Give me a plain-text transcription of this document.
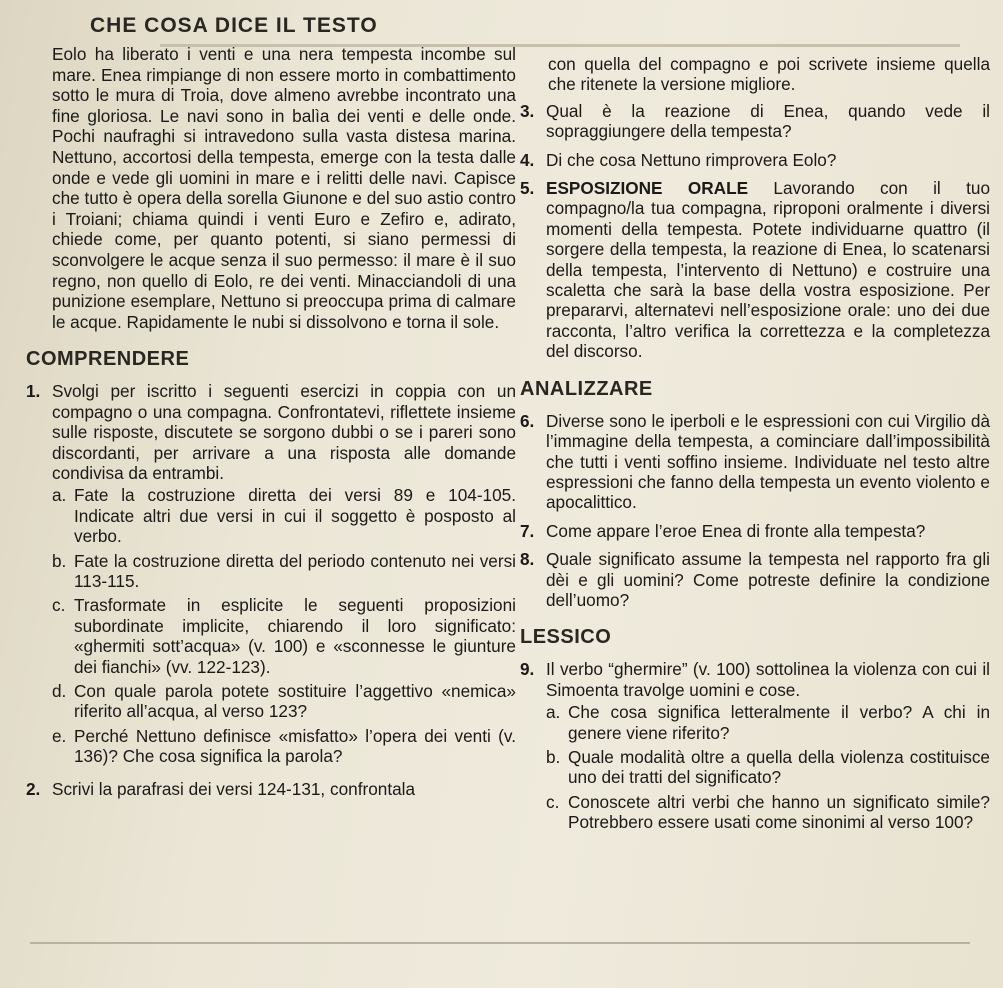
CHE COSA DICE IL TESTO

Eolo ha liberato i venti e una nera tempesta incombe sul mare. Enea rimpiange di non essere morto in combattimento sotto le mura di Troia, dove almeno avrebbe incontrato una fine gloriosa. Le navi sono in balìa dei venti e delle onde. Pochi naufraghi si intravedono sulla vasta distesa marina. Nettuno, accortosi della tempesta, emerge con la testa dalle onde e vede gli uomini in mare e i relitti delle navi. Capisce che tutto è opera della sorella Giunone e del suo astio contro i Troiani; chiama quindi i venti Euro e Zefiro e, adirato, chiede come, per quanto potenti, si siano permessi di sconvolgere le acque senza il suo permesso: il mare è il suo regno, non quello di Eolo, re dei venti. Minacciandoli di una punizione esemplare, Nettuno si preoccupa prima di calmare le acque. Rapidamente le nubi si dissolvono e torna il sole.

COMPRENDERE
1. Svolgi per iscritto i seguenti esercizi in coppia con un compagno o una compagna. Confrontatevi, riflettete insieme sulle risposte, discutete se sorgono dubbi o se i pareri sono discordanti, per arrivare a una risposta alle domande condivisa da entrambi.

a. Fate la costruzione diretta dei versi 89 e 104-105. Indicate altri due versi in cui il soggetto è posposto al verbo.
b. Fate la costruzione diretta del periodo contenuto nei versi 113-115.
c. Trasformate in esplicite le seguenti proposizioni subordinate implicite, chiarendo il loro significato: «ghermiti sott’acqua» (v. 100) e «sconnesse le giunture dei fianchi» (vv. 122-123).
d. Con quale parola potete sostituire l’aggettivo «nemica» riferito all’acqua, al verso 123?
e. Perché Nettuno definisce «misfatto» l’opera dei venti (v. 136)? Che cosa significa la parola?
2. Scrivi la parafrasi dei versi 124-131, confrontala

con quella del compagno e poi scrivete insieme quella che ritenete la versione migliore.

3. Qual è la reazione di Enea, quando vede il sopraggiungere della tempesta?
4. Di che cosa Nettuno rimprovera Eolo?
5. ESPOSIZIONE ORALE Lavorando con il tuo compagno/la tua compagna, riproponi oralmente i diversi momenti della tempesta. Potete individuarne quattro (il sorgere della tempesta, la reazione di Enea, lo scatenarsi della tempesta, l’intervento di Nettuno) e costruire una scaletta che sarà la base della vostra esposizione. Per prepararvi, alternatevi nell’esposizione orale: uno dei due racconta, l’altro verifica la correttezza e la completezza del discorso.

ANALIZZARE
6. Diverse sono le iperboli e le espressioni con cui Virgilio dà l’immagine della tempesta, a cominciare dall’impossibilità che tutti i venti soffino insieme. Individuate nel testo altre espressioni che fanno della tempesta un evento violento e apocalittico.
7. Come appare l’eroe Enea di fronte alla tempesta?
8. Quale significato assume la tempesta nel rapporto fra gli dèi e gli uomini? Come potreste definire la condizione dell’uomo?
LESSICO
9. Il verbo “ghermire” (v. 100) sottolinea la violenza con cui il Simoenta travolge uomini e cose.

a. Che cosa significa letteralmente il verbo? A chi in genere viene riferito?
b. Quale modalità oltre a quella della violenza costituisce uno dei tratti del significato?
c. Conoscete altri verbi che hanno un significato simile? Potrebbero essere usati come sinonimi al verso 100?
